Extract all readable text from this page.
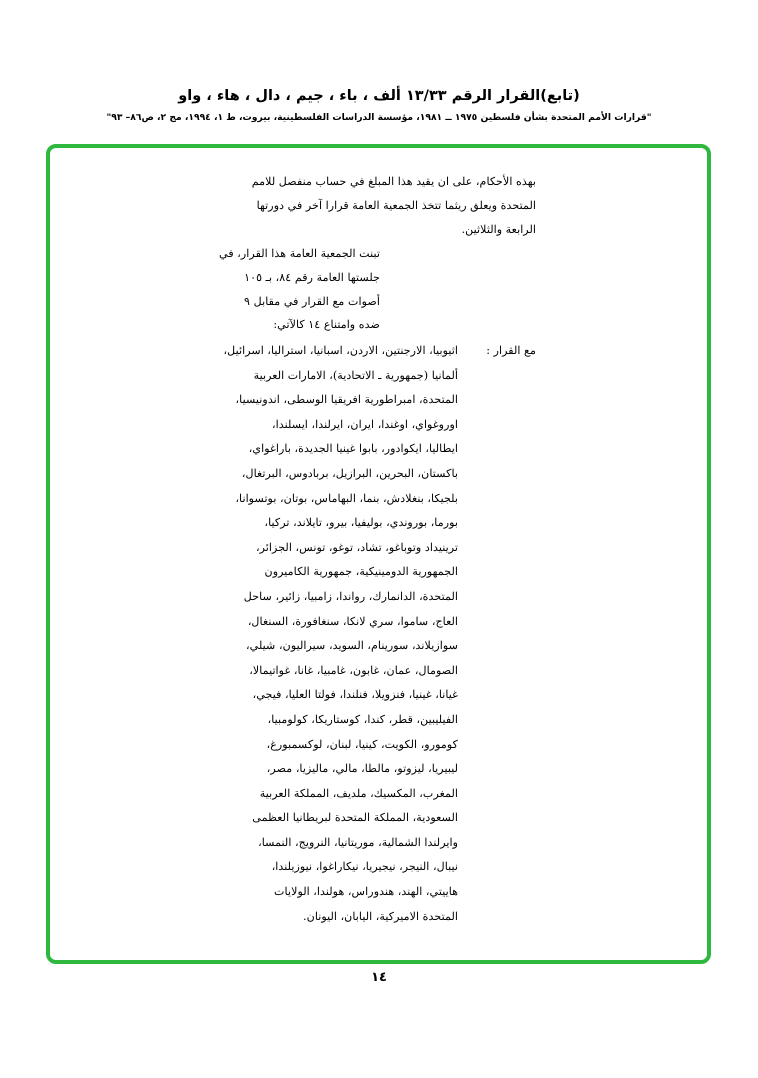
(تابع)القرار الرقم ١٣/٣٣ ألف ، باء ، جيم ، دال ، هاء ، واو
"قرارات الأمم المتحدة بشأن فلسطين ١٩٧٥ ــ ١٩٨١، مؤسسة الدراسات الفلسطينية، بيروت، ط ١، ١٩٩٤، مج ٢، ص٨٦– ٩٣"
بهذه الأحكام، على ان يقيد هذا المبلغ في حساب منفصل للامم
المتحدة ويعلق ريثما تتخذ الجمعية العامة قرارا آخر في دورتها
الرابعة والثلاثين.
تبنت الجمعية العامة هذا القرار، في
جلستها العامة رقم ٨٤، بـ ١٠٥
أصوات مع القرار في مقابل ٩
ضده وامتناع ١٤ كالآتي:
مع القرار :
اثيوبيا، الارجنتين، الاردن، اسبانيا، استراليا، اسرائيل،
ألمانيا (جمهورية ـ الاتحادية)، الامارات العربية
المتحدة، امبراطورية افريقيا الوسطى، اندونيسيا،
اوروغواي، اوغندا، ايران، ايرلندا، ايسلندا،
ايطاليا، ايكوادور، بابوا غينيا الجديدة، باراغواي،
باكستان، البحرين، البرازيل، بربادوس، البرتغال،
بلجيكا، بنغلادش، بنما، البهاماس، بوتان، بوتسوانا،
بورما، بوروندي، بوليفيا، بيرو، تايلاند، تركيا،
ترينيداد وتوباغو، تشاد، توغو، تونس، الجزائر،
الجمهورية الدومينيكية، جمهورية الكاميرون
المتحدة، الدانمارك، رواندا، زامبيا، زائير، ساحل
العاج، ساموا، سري لانكا، سنغافورة، السنغال،
سوازيلاند، سورينام، السويد، سيراليون، شيلي،
الصومال، عمان، غابون، غامبيا، غانا، غواتيمالا،
غيانا، غينيا، فنزويلا، فنلندا، فولتا العليا، فيجي،
الفيليبين، قطر، كندا، كوستاريكا، كولومبيا،
كومورو، الكويت، كينيا، لبنان، لوكسمبورغ،
ليبيريا، ليزوتو، مالطا، مالي، ماليزيا، مصر،
المغرب، المكسيك، ملديف، المملكة العربية
السعودية، المملكة المتحدة لبريطانيا العظمى
وايرلندا الشمالية، موريتانيا، النرويج، النمسا،
نيبال، النيجر، نيجيريا، نيكاراغوا، نيوزيلندا،
هاييتي، الهند، هندوراس، هولندا، الولايات
المتحدة الاميركية، اليابان، اليونان.
١٤
